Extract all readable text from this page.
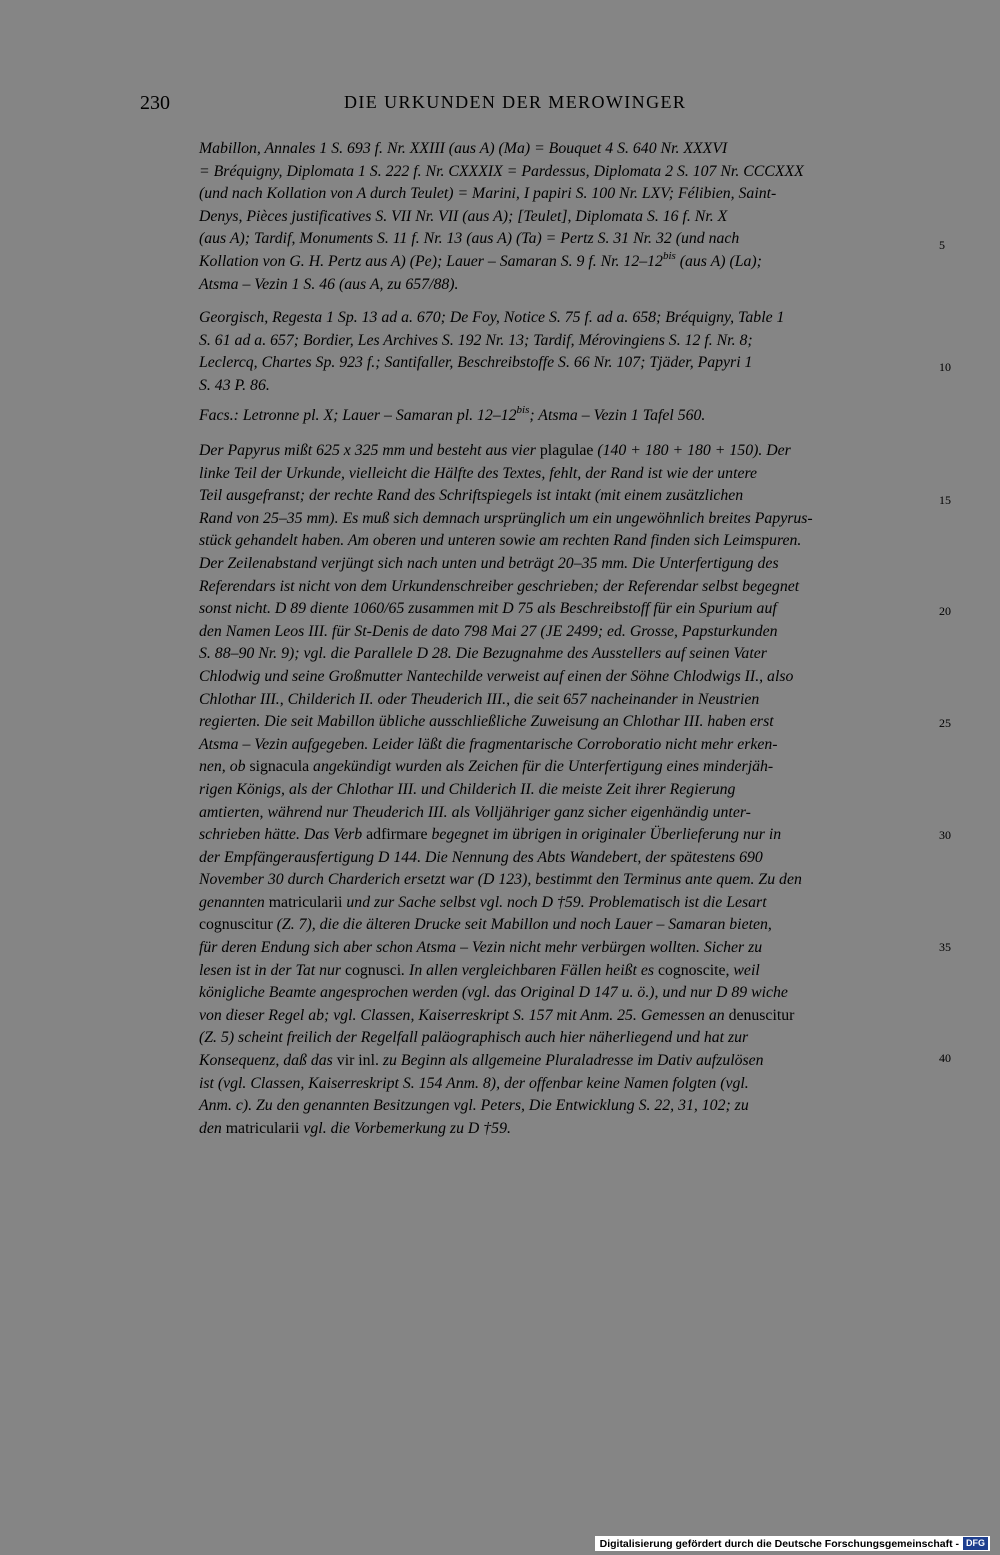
230	DIE URKUNDEN DER MEROWINGER
Mabillon, Annales 1 S. 693 f. Nr. XXIII (aus A) (Ma) = Bouquet 4 S. 640 Nr. XXXVI
= Bréquigny, Diplomata 1 S. 222 f. Nr. CXXXIX = Pardessus, Diplomata 2 S. 107 Nr. CCCXXX
(und nach Kollation von A durch Teulet) = Marini, I papiri S. 100 Nr. LXV; Félibien, Saint-
Denys, Pièces justificatives S. VII Nr. VII (aus A); [Teulet], Diplomata S. 16 f. Nr. X
(aus A); Tardif, Monuments S. 11 f. Nr. 13 (aus A) (Ta) = Pertz S. 31 Nr. 32 (und nach
Kollation von G. H. Pertz aus A) (Pe); Lauer – Samaran S. 9 f. Nr. $12-12^{bis}$ (aus A) (La);
Atsma – Vezin 1 S. 46 (aus A, zu 657/88).
Georgisch, Regesta 1 Sp. 13 ad a. 670; De Foy, Notice S. 75 f. ad a. 658; Bréquigny, Table 1
S. 61 ad a. 657; Bordier, Les Archives S. 192 Nr. 13; Tardif, Mérovingiens S. 12 f. Nr. 8;
Leclercq, Chartes Sp. 923 f.; Santifaller, Beschreibstoffe S. 66 Nr. 107; Tjäder, Papyri 1
S. 43 P. 86.
Facs.: Letronne pl. X; Lauer – Samaran pl. $12-12^{bis}$; Atsma – Vezin 1 Tafel 560.
Der Papyrus mißt 625 x 325 mm und besteht aus vier plagulae (140 + 180 + 180 + 150). Der
linke Teil der Urkunde, vielleicht die Hälfte des Textes, fehlt, der Rand ist wie der untere
Teil ausgefranst; der rechte Rand des Schriftspiegels ist intakt (mit einem zusätzlichen
Rand von 25–35 mm). Es muß sich demnach ursprünglich um ein ungewöhnlich breites Papyrus-
stück gehandelt haben. Am oberen und unteren sowie am rechten Rand finden sich Leimspuren.
Der Zeilenabstand verjüngt sich nach unten und beträgt 20–35 mm. Die Unterfertigung des
Referendars ist nicht von dem Urkundenschreiber geschrieben; der Referendar selbst begegnet
sonst nicht. D 89 diente 1060/65 zusammen mit D 75 als Beschreibstoff für ein Spurium auf
den Namen Leos III. für St-Denis de dato 798 Mai 27 (JE 2499; ed. Grosse, Papsturkunden
S. 88–90 Nr. 9); vgl. die Parallele D 28. Die Bezugnahme des Ausstellers auf seinen Vater
Chlodwig und seine Großmutter Nantechilde verweist auf einen der Söhne Chlodwigs II., also
Chlothar III., Childerich II. oder Theuderich III., die seit 657 nacheinander in Neustrien
regierten. Die seit Mabillon übliche ausschließliche Zuweisung an Chlothar III. haben erst
Atsma – Vezin aufgegeben. Leider läßt die fragmentarische Corroboratio nicht mehr erken-
nen, ob signacula angekündigt wurden als Zeichen für die Unterfertigung eines minderjäh-
rigen Königs, als der Chlothar III. und Childerich II. die meiste Zeit ihrer Regierung
amtierten, während nur Theuderich III. als Volljähriger ganz sicher eigenhändig unter-
schrieben hätte. Das Verb adfirmare begegnet im übrigen in originaler Überlieferung nur in
der Empfängerausfertigung D 144. Die Nennung des Abts Wandebert, der spätestens 690
November 30 durch Charderich ersetzt war (D 123), bestimmt den Terminus ante quem. Zu den
genannten matricularii und zur Sache selbst vgl. noch D †59. Problematisch ist die Lesart
cognuscitur (Z. 7), die die älteren Drucke seit Mabillon und noch Lauer – Samaran bieten,
für deren Endung sich aber schon Atsma – Vezin nicht mehr verbürgen wollten. Sicher zu
lesen ist in der Tat nur cognusci. In allen vergleichbaren Fällen heißt es cognoscite, weil
königliche Beamte angesprochen werden (vgl. das Original D 147 u. ö.), und nur D 89 wiche
von dieser Regel ab; vgl. Classen, Kaiserreskript S. 157 mit Anm. 25. Gemessen an denuscitur
(Z. 5) scheint freilich der Regelfall paläographisch auch hier näherliegend und hat zur
Konsequenz, daß das vir inl. zu Beginn als allgemeine Pluraladresse im Dativ aufzulösen
ist (vgl. Classen, Kaiserreskript S. 154 Anm. 8), der offenbar keine Namen folgten (vgl.
Anm. c). Zu den genannten Besitzungen vgl. Peters, Die Entwicklung S. 22, 31, 102; zu
den matricularii vgl. die Vorbemerkung zu D †59.
5
10
15
20
25
30
35
40
Digitalisierung gefördert durch die Deutsche Forschungsgemeinschaft - DFG
